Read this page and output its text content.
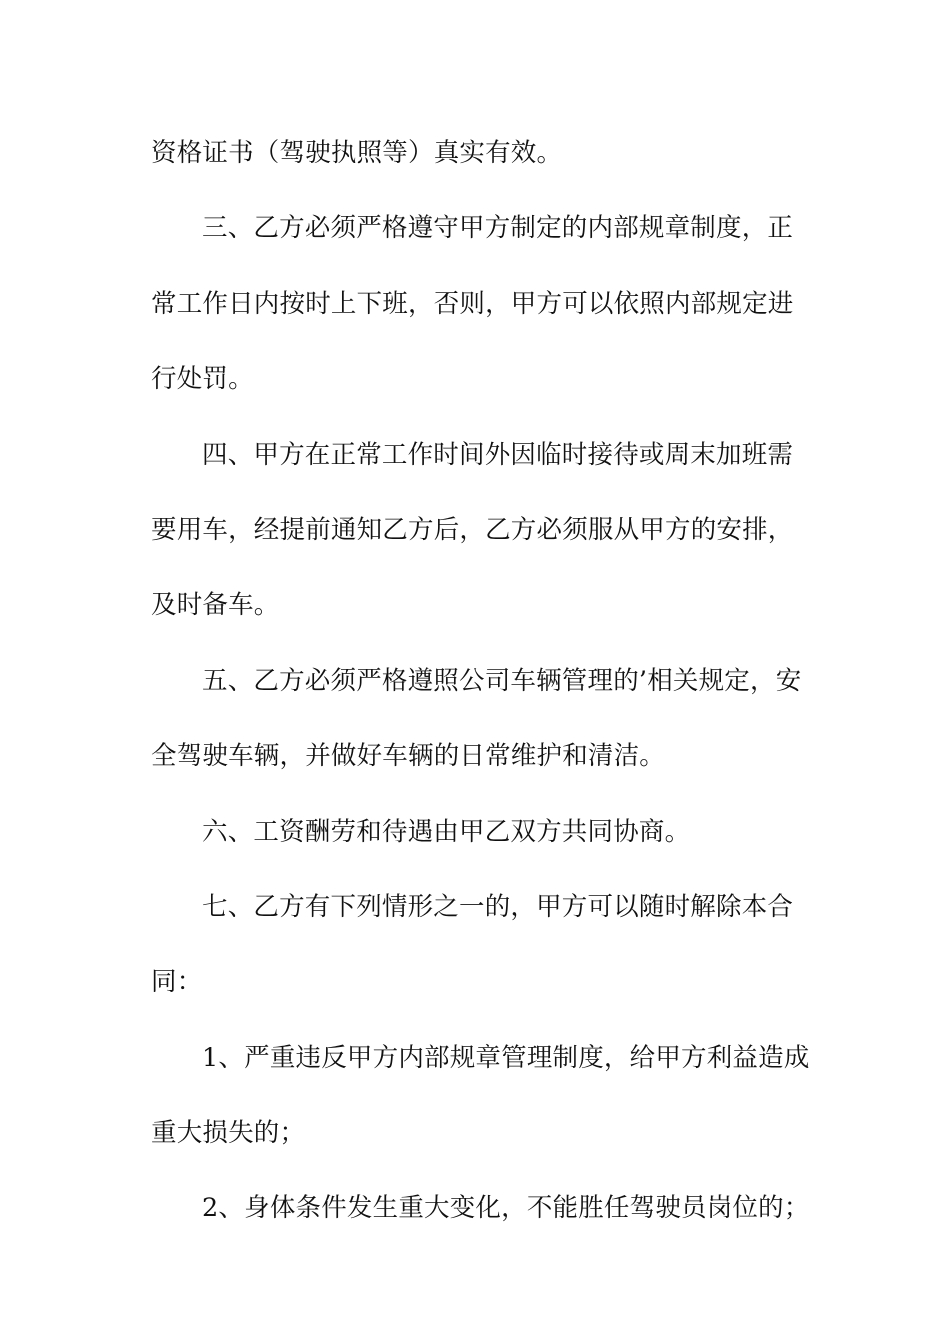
资格证书（驾驶执照等）真实有效。
三、乙方必须严格遵守甲方制定的内部规章制度，正
常工作日内按时上下班，否则，甲方可以依照内部规定进
行处罚。
四、甲方在正常工作时间外因临时接待或周末加班需
要用车，经提前通知乙方后，乙方必须服从甲方的安排，
及时备车。
五、乙方必须严格遵照公司车辆管理的’相关规定，安
全驾驶车辆，并做好车辆的日常维护和清洁。
六、工资酬劳和待遇由甲乙双方共同协商。
七、乙方有下列情形之一的，甲方可以随时解除本合
同：
1、严重违反甲方内部规章管理制度，给甲方利益造成
重大损失的；
2、身体条件发生重大变化，不能胜任驾驶员岗位的；
